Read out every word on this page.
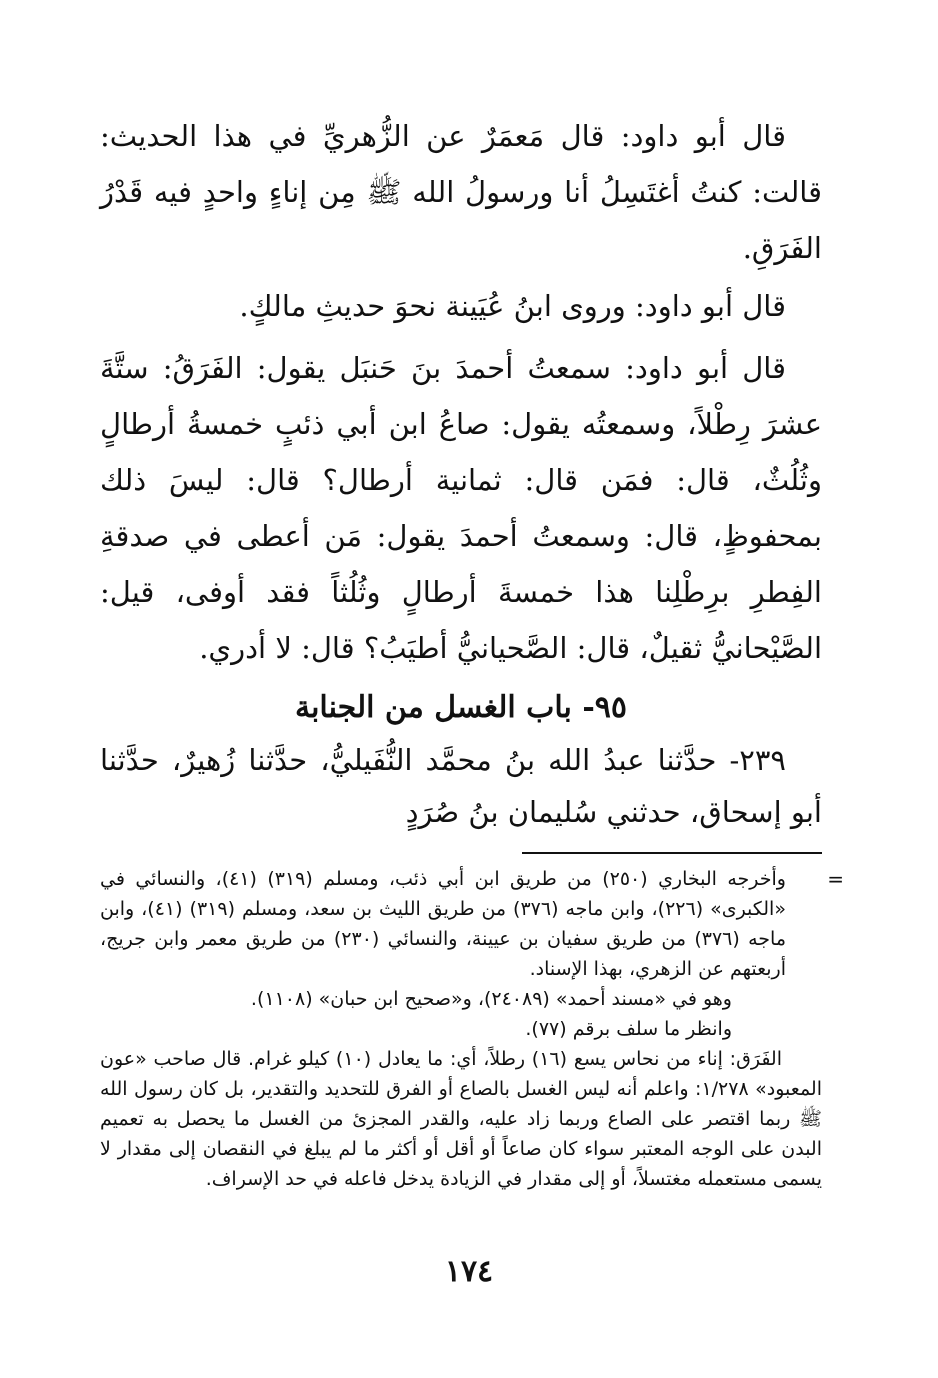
قال أبو داود: قال مَعمَرٌ عن الزُّهريِّ في هذا الحديث: قالت: كنتُ أغتَسِلُ أنا ورسولُ الله ﷺ مِن إناءٍ واحدٍ فيه قَدْرُ الفَرَقِ.

قال أبو داود: وروى ابنُ عُيَينة نحوَ حديثِ مالكٍ.

قال أبو داود: سمعتُ أحمدَ بنَ حَنبَل يقول: الفَرَقُ: ستَّةَ عشرَ رِطْلاً، وسمعتُه يقول: صاعُ ابن أبي ذئبٍ خمسةُ أرطالٍ وثُلُثٌ، قال: فمَن قال: ثمانية أرطال؟ قال: ليسَ ذلك بمحفوظٍ، قال: وسمعتُ أحمدَ يقول: مَن أعطى في صدقةِ الفِطرِ برِطْلِنا هذا خمسةَ أرطالٍ وثُلُثاً فقد أوفى، قيل: الصَّيْحانيُّ ثقيلٌ، قال: الصَّحيانيُّ أطيَبُ؟ قال: لا أدري.

٩٥- باب الغسل من الجنابة

٢٣٩- حدَّثنا عبدُ الله بنُ محمَّد النُّفَيليُّ، حدَّثنا زُهيرٌ، حدَّثنا أبو إسحاق، حدثني سُليمان بنُ صُرَدٍ

=
وأخرجه البخاري (٢٥٠) من طريق ابن أبي ذئب، ومسلم (٣١٩) (٤١)، والنسائي في «الكبرى» (٢٢٦)، وابن ماجه (٣٧٦) من طريق الليث بن سعد، ومسلم (٣١٩) (٤١)، وابن ماجه (٣٧٦) من طريق سفيان بن عيينة، والنسائي (٢٣٠) من طريق معمر وابن جريج، أربعتهم عن الزهري، بهذا الإسناد.

وهو في «مسند أحمد» (٢٤٠٨٩)، و«صحيح ابن حبان» (١١٠٨).

وانظر ما سلف برقم (٧٧).

الفَرَق: إناء من نحاس يسع (١٦) رطلاً، أي: ما يعادل (١٠) كيلو غرام. قال صاحب «عون المعبود» ١/٢٧٨: واعلم أنه ليس الغسل بالصاع أو الفرق للتحديد والتقدير، بل كان رسول الله ﷺ ربما اقتصر على الصاع وربما زاد عليه، والقدر المجزئ من الغسل ما يحصل به تعميم البدن على الوجه المعتبر سواء كان صاعاً أو أقل أو أكثر ما لم يبلغ في النقصان إلى مقدار لا يسمى مستعمله مغتسلاً، أو إلى مقدار في الزيادة يدخل فاعله في حد الإسراف.

١٧٤
